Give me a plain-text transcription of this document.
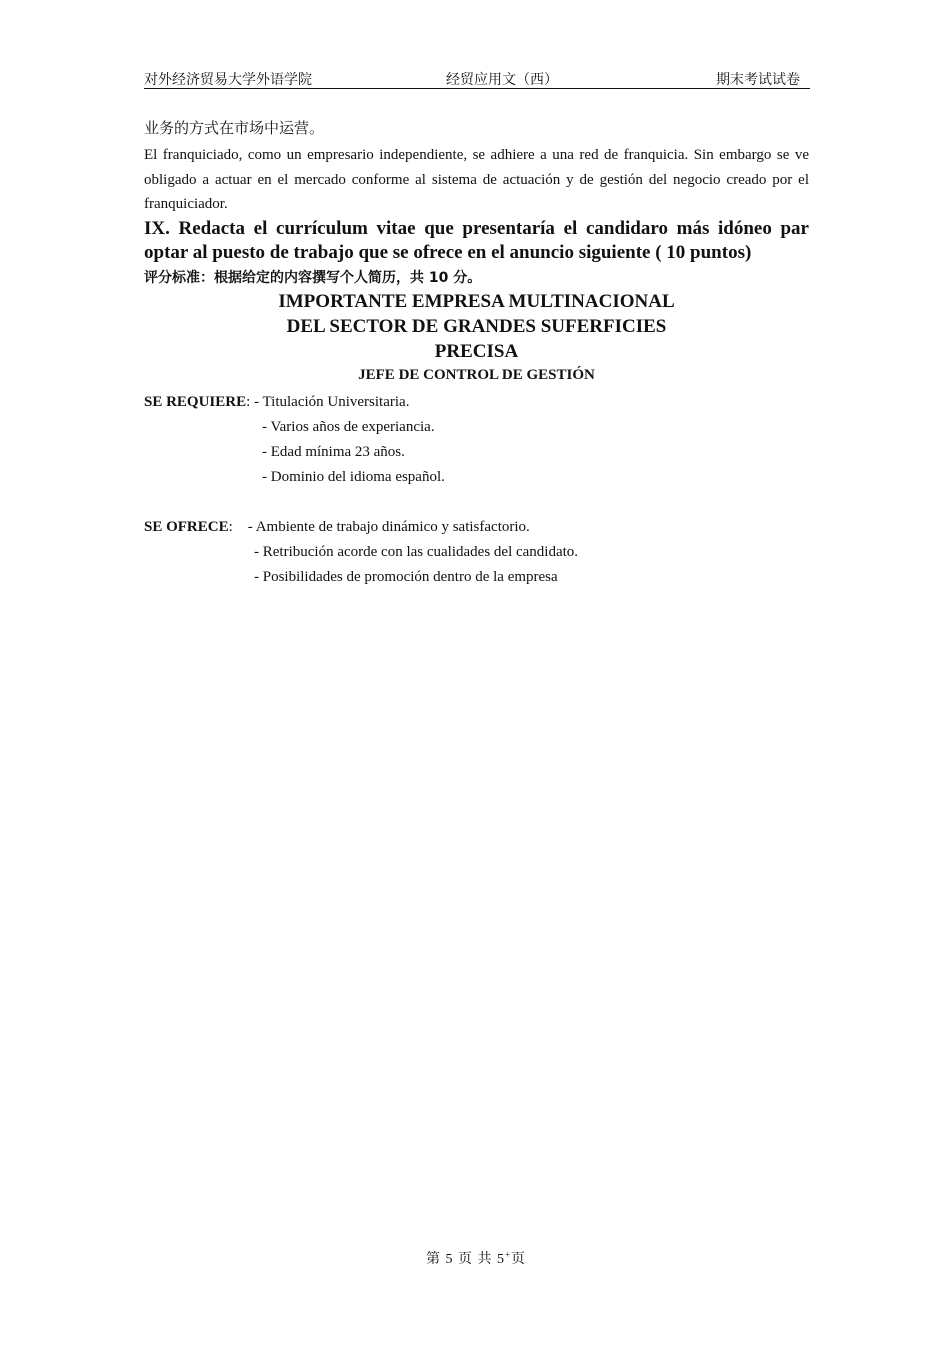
对外经济贸易大学外语学院	经贸应用文（西）	期末考试试卷
业务的方式在市场中运营。
El franquiciado, como un empresario independiente, se adhiere a una red de franquicia. Sin embargo se ve obligado a actuar en el mercado conforme al sistema de actuación y de gestión del negocio creado por el franquiciador.
IX. Redacta el currículum vitae que presentaría el candidaro más idóneo par
optar al puesto de trabajo que se ofrece en el anuncio siguiente ( 10 puntos)
评分标准：根据给定的内容撰写个人简历，共 10 分。
IMPORTANTE EMPRESA MULTINACIONAL
DEL SECTOR DE GRANDES SUFERFICIES
PRECISA
JEFE DE CONTROL DE GESTIÓN
SE REQUIERE: - Titulación Universitaria.
- Varios años de experiancia.
- Edad mínima 23 años.
- Dominio del idioma español.
SE OFRECE:    - Ambiente de trabajo dinámico y satisfactorio.
- Retribución acorde con las cualidades del candidato.
- Posibilidades de promoción dentro de la empresa
第 5 页 共 5+页
